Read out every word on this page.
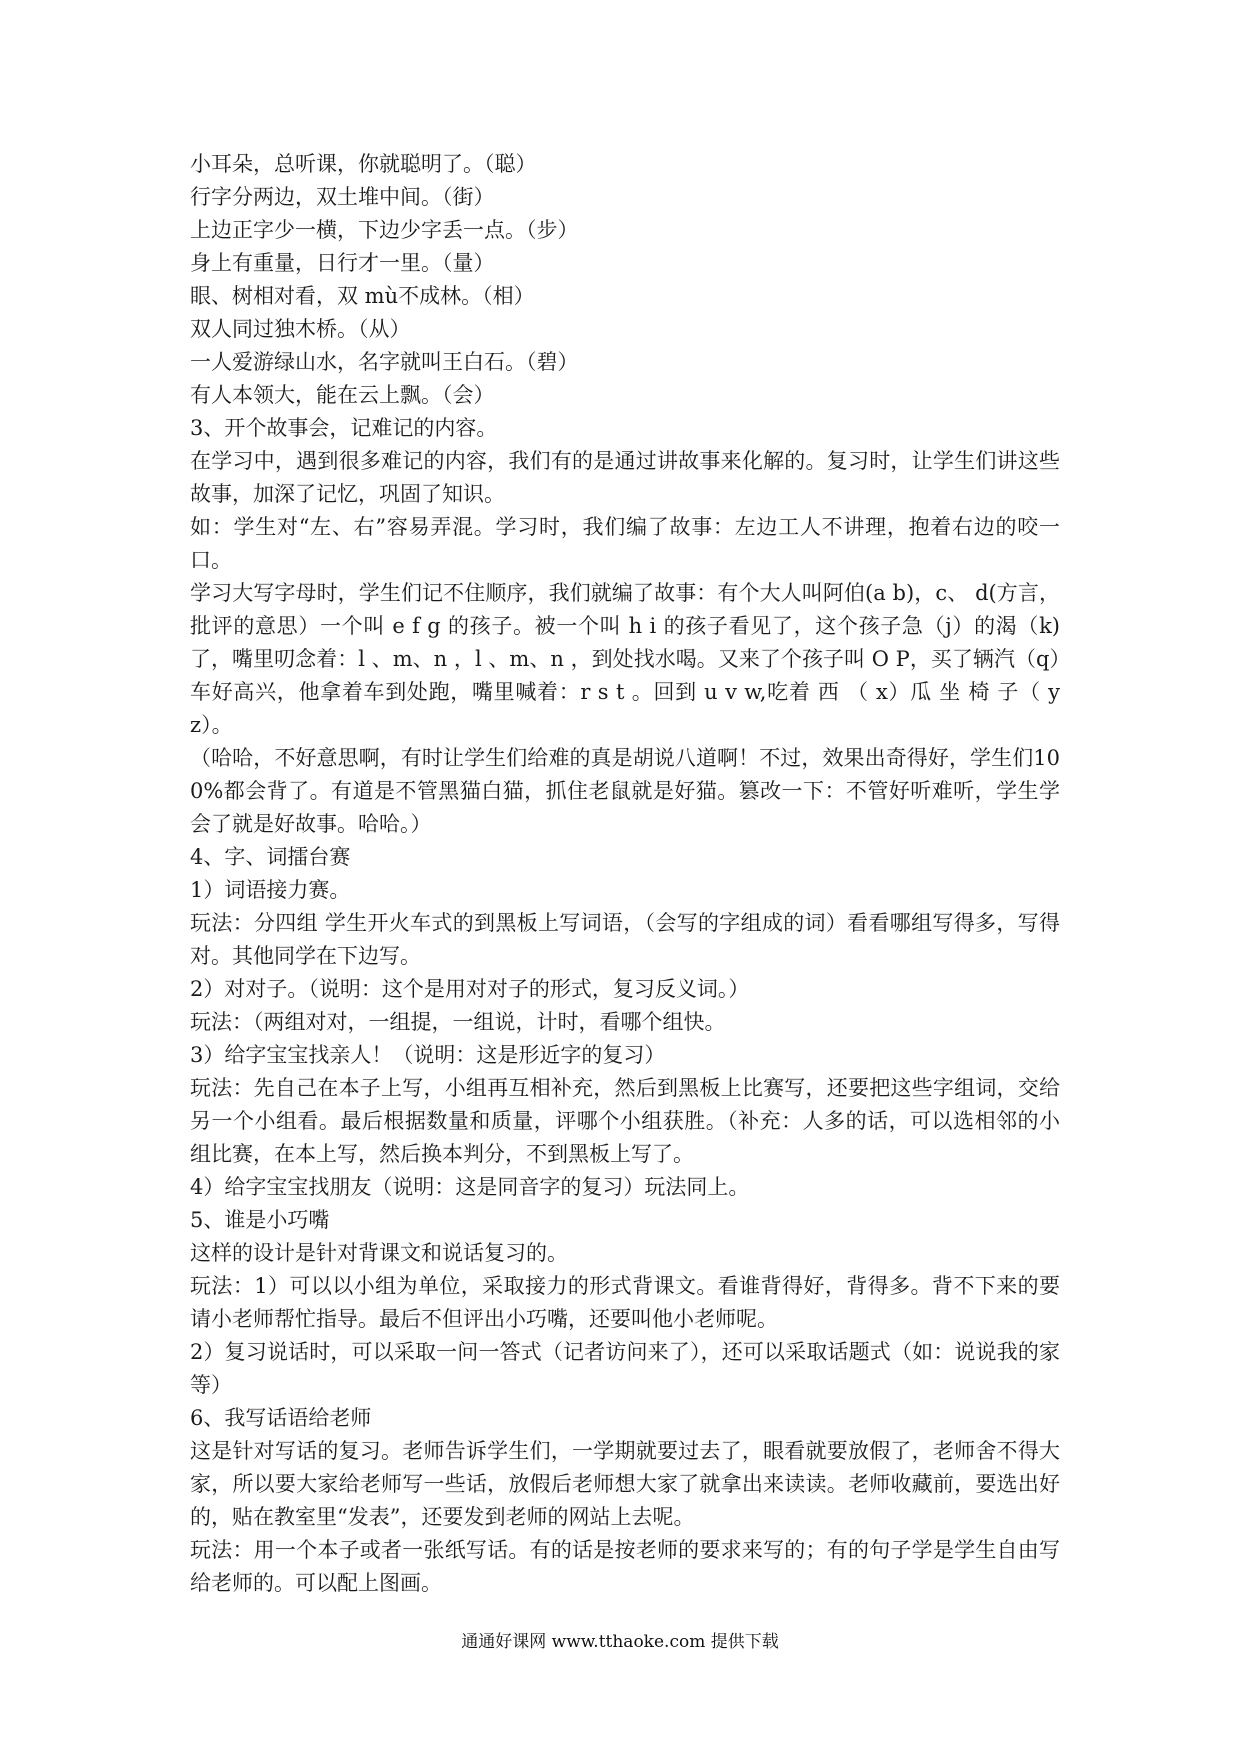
小耳朵，总听课，你就聪明了。（聪）

行字分两边，双土堆中间。（街）

上边正字少一横，下边少字丢一点。（步）

身上有重量，日行才一里。（量）

眼、树相对看，双 mù不成林。（相）

双人同过独木桥。（从）

一人爱游绿山水，名字就叫王白石。（碧）

有人本领大，能在云上飘。（会）

3、开个故事会，记难记的内容。

在学习中，遇到很多难记的内容，我们有的是通过讲故事来化解的。复习时，让学生们讲这些故事，加深了记忆，巩固了知识。

如：学生对“左、右”容易弄混。学习时，我们编了故事：左边工人不讲理，抱着右边的咬一口。

学习大写字母时，学生们记不住顺序，我们就编了故事：有个大人叫阿伯(a b)，c、 d(方言，批评的意思）一个叫 e f g 的孩子。被一个叫 h i 的孩子看见了，这个孩子急（j）的渴（k)了，嘴里叨念着：l 、m、n ，l 、m、n ，到处找水喝。又来了个孩子叫 O P，买了辆汽（q）车好高兴，他拿着车到处跑，嘴里喊着：r s t 。回到 u v w,吃着 西 （ x）瓜 坐 椅 子（ y z）。

（哈哈，不好意思啊，有时让学生们给难的真是胡说八道啊！不过，效果出奇得好，学生们100%都会背了。有道是不管黑猫白猫，抓住老鼠就是好猫。篡改一下：不管好听难听，学生学会了就是好故事。哈哈。）

4、字、词擂台赛

1）词语接力赛。

玩法：分四组 学生开火车式的到黑板上写词语，（会写的字组成的词）看看哪组写得多，写得对。其他同学在下边写。

2）对对子。（说明：这个是用对对子的形式，复习反义词。）

玩法：（两组对对，一组提，一组说，计时，看哪个组快。

3）给字宝宝找亲人！（说明：这是形近字的复习）

玩法：先自己在本子上写，小组再互相补充，然后到黑板上比赛写，还要把这些字组词，交给另一个小组看。最后根据数量和质量，评哪个小组获胜。（补充：人多的话，可以选相邻的小组比赛，在本上写，然后换本判分，不到黑板上写了。

4）给字宝宝找朋友（说明：这是同音字的复习）玩法同上。

5、谁是小巧嘴

这样的设计是针对背课文和说话复习的。

玩法：1）可以以小组为单位，采取接力的形式背课文。看谁背得好，背得多。背不下来的要请小老师帮忙指导。最后不但评出小巧嘴，还要叫他小老师呢。

2）复习说话时，可以采取一问一答式（记者访问来了），还可以采取话题式（如：说说我的家等）

6、我写话语给老师

这是针对写话的复习。老师告诉学生们，一学期就要过去了，眼看就要放假了，老师舍不得大家，所以要大家给老师写一些话，放假后老师想大家了就拿出来读读。老师收藏前，要选出好的，贴在教室里“发表”，还要发到老师的网站上去呢。

玩法：用一个本子或者一张纸写话。有的话是按老师的要求来写的；有的句子学是学生自由写给老师的。可以配上图画。

通通好课网 www.tthaoke.com 提供下载
